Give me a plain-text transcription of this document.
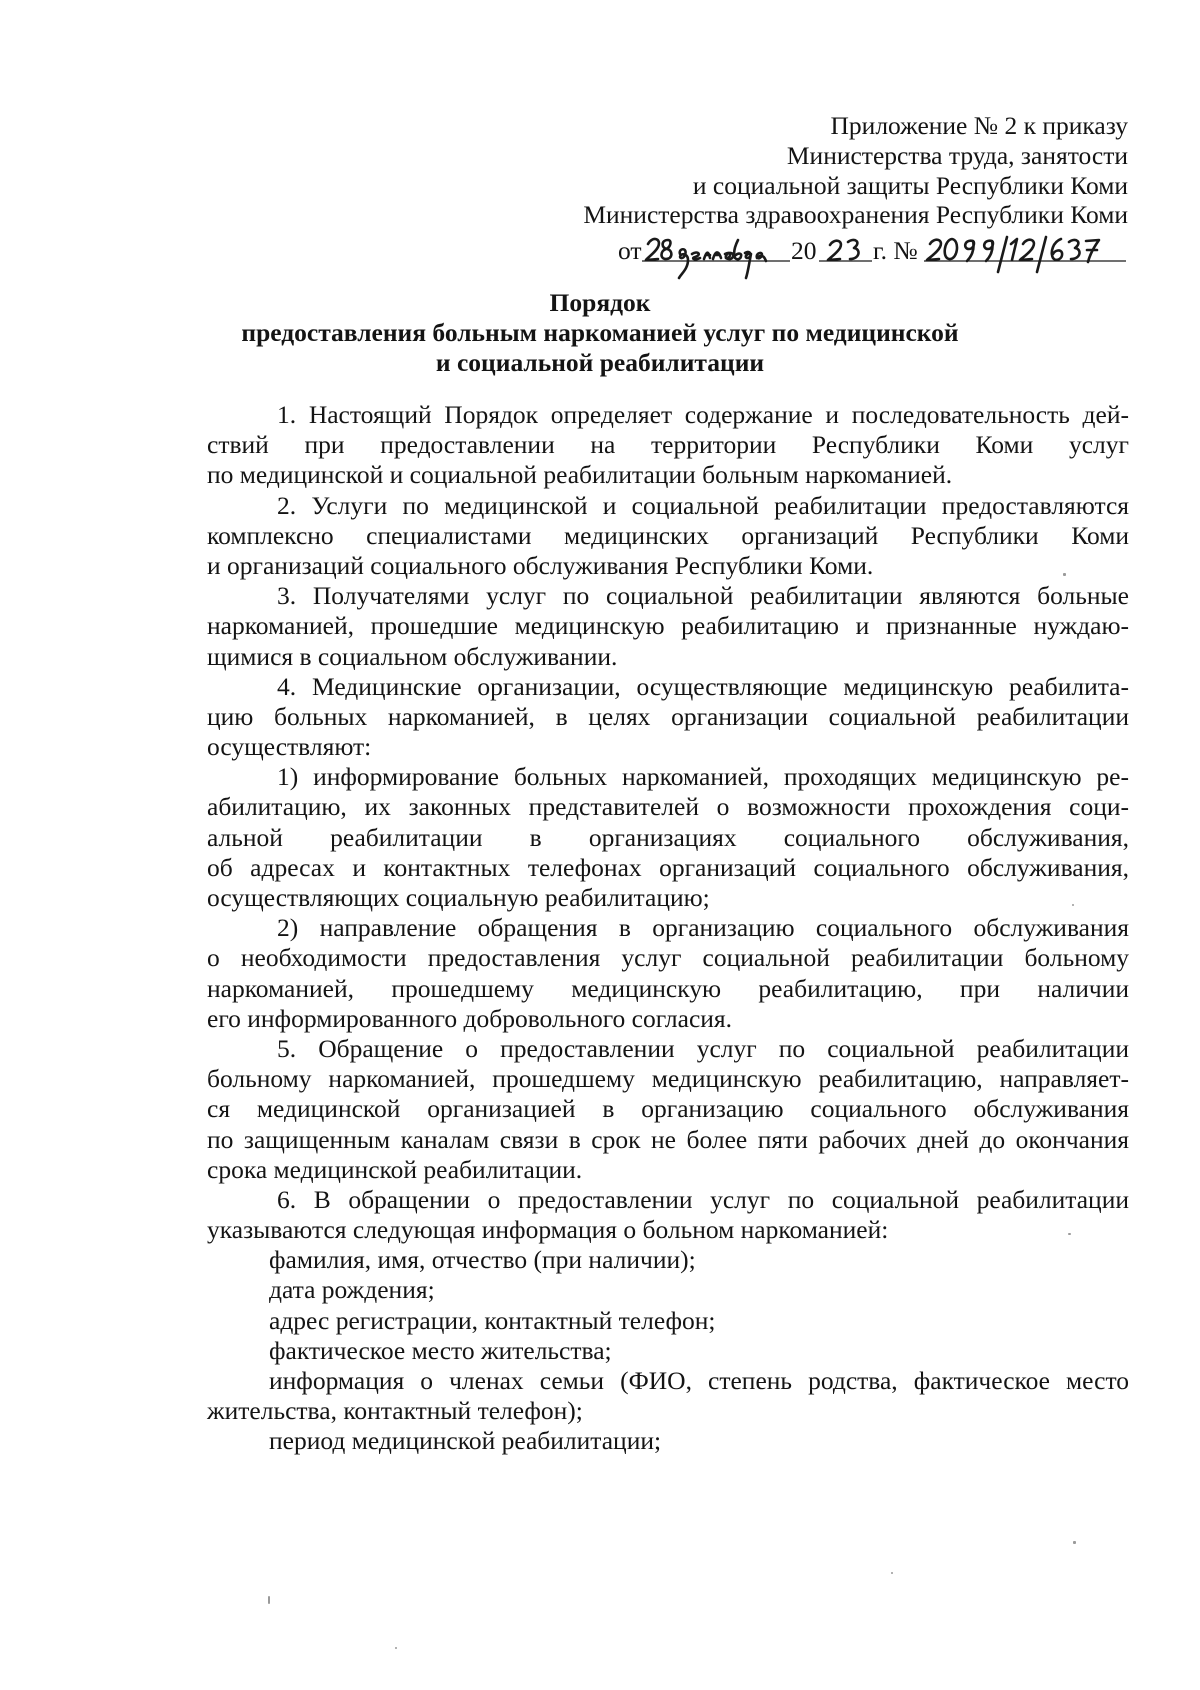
Приложение № 2 к приказу
Министерства труда, занятости
и социальной защиты Республики Коми
Министерства здравоохранения Республики Коми
от	20 г. №
Порядок
предоставления больным наркоманией услуг по медицинской
и социальной реабилитации
1. Настоящий Порядок определяет содержание и последовательность дей-
ствий при предоставлении на территории Республики Коми услуг
по медицинской и социальной реабилитации больным наркоманией.
2. Услуги по медицинской и социальной реабилитации предоставляются
комплексно специалистами медицинских организаций Республики Коми
и организаций социального обслуживания Республики Коми.
3. Получателями услуг по социальной реабилитации являются больные
наркоманией, прошедшие медицинскую реабилитацию и признанные нуждаю-
щимися в социальном обслуживании.
4. Медицинские организации, осуществляющие медицинскую реабилита-
цию больных наркоманией, в целях организации социальной реабилитации
осуществляют:
1) информирование больных наркоманией, проходящих медицинскую ре-
абилитацию, их законных представителей о возможности прохождения соци-
альной реабилитации в организациях социального обслуживания,
об адресах и контактных телефонах организаций социального обслуживания,
осуществляющих социальную реабилитацию;
2) направление обращения в организацию социального обслуживания
о необходимости предоставления услуг социальной реабилитации больному
наркоманией, прошедшему медицинскую реабилитацию, при наличии
его информированного добровольного согласия.
5. Обращение о предоставлении услуг по социальной реабилитации
больному наркоманией, прошедшему медицинскую реабилитацию, направляет-
ся медицинской организацией в организацию социального обслуживания
по защищенным каналам связи в срок не более пяти рабочих дней до окончания
срока медицинской реабилитации.
6. В обращении о предоставлении услуг по социальной реабилитации
указываются следующая информация о больном наркоманией:
фамилия, имя, отчество (при наличии);
дата рождения;
адрес регистрации, контактный телефон;
фактическое место жительства;
информация о членах семьи (ФИО, степень родства, фактическое место
жительства, контактный телефон);
период медицинской реабилитации;
